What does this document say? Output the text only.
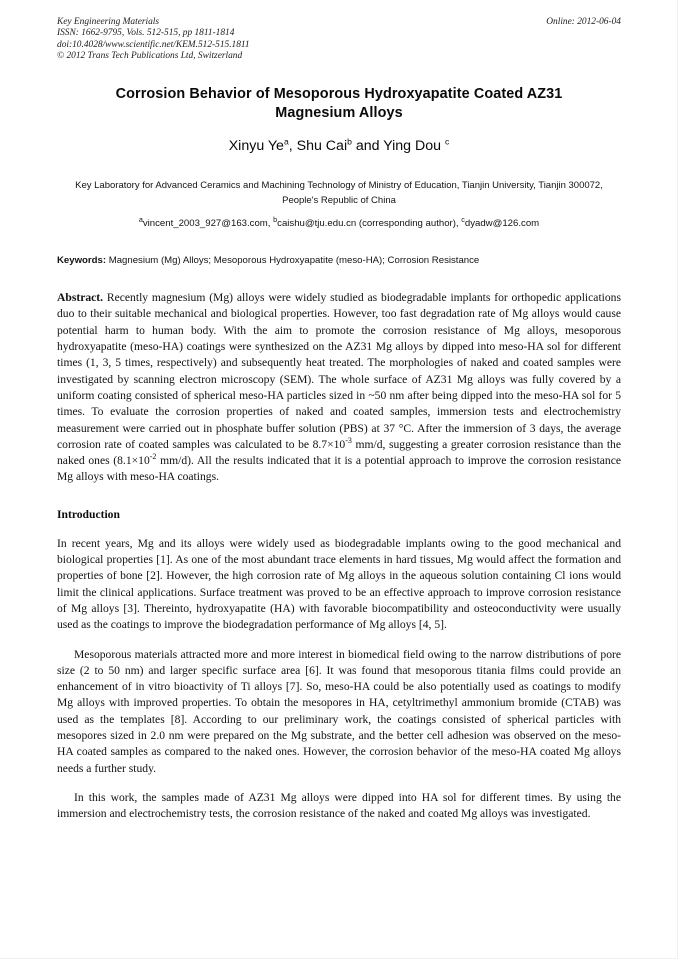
Online: 2012-06-04
Key Engineering Materials
ISSN: 1662-9795, Vols. 512-515, pp 1811-1814
doi:10.4028/www.scientific.net/KEM.512-515.1811
© 2012 Trans Tech Publications Ltd, Switzerland
Corrosion Behavior of Mesoporous Hydroxyapatite Coated AZ31 Magnesium Alloys
Xinyu Ye$^a$, Shu Cai$^b$ and Ying Dou $^c$
Key Laboratory for Advanced Ceramics and Machining Technology of Ministry of Education, Tianjin University, Tianjin 300072, People's Republic of China
$^a$vincent_2003_927@163.com, $^b$caishu@tju.edu.cn (corresponding author), $^c$dyadw@126.com
Keywords: Magnesium (Mg) Alloys; Mesoporous Hydroxyapatite (meso-HA); Corrosion Resistance
Abstract. Recently magnesium (Mg) alloys were widely studied as biodegradable implants for orthopedic applications duo to their suitable mechanical and biological properties. However, too fast degradation rate of Mg alloys would cause potential harm to human body. With the aim to promote the corrosion resistance of Mg alloys, mesoporous hydroxyapatite (meso-HA) coatings were synthesized on the AZ31 Mg alloys by dipped into meso-HA sol for different times (1, 3, 5 times, respectively) and subsequently heat treated. The morphologies of naked and coated samples were investigated by scanning electron microscopy (SEM). The whole surface of AZ31 Mg alloys was fully covered by a uniform coating consisted of spherical meso-HA particles sized in ~50 nm after being dipped into the meso-HA sol for 5 times. To evaluate the corrosion properties of naked and coated samples, immersion tests and electrochemistry measurement were carried out in phosphate buffer solution (PBS) at 37 °C. After the immersion of 3 days, the average corrosion rate of coated samples was calculated to be $8.7\times 10^{-3}$ mm/d, suggesting a greater corrosion resistance than the naked ones ($8.1\times 10^{-2}$ mm/d). All the results indicated that it is a potential approach to improve the corrosion resistance Mg alloys with meso-HA coatings.
Introduction

In recent years, Mg and its alloys were widely used as biodegradable implants owing to the good mechanical and biological properties [1]. As one of the most abundant trace elements in hard tissues, Mg would affect the formation and properties of bone [2]. However, the high corrosion rate of Mg alloys in the aqueous solution containing Cl ions would limit the clinical applications. Surface treatment was proved to be an effective approach to improve corrosion resistance of Mg alloys [3]. Thereinto, hydroxyapatite (HA) with favorable biocompatibility and osteoconductivity were usually used as the coatings to improve the biodegradation performance of Mg alloys [4, 5].

Mesoporous materials attracted more and more interest in biomedical field owing to the narrow distributions of pore size (2 to 50 nm) and larger specific surface area [6]. It was found that mesoporous titania films could provide an enhancement of in vitro bioactivity of Ti alloys [7]. So, meso-HA could be also potentially used as coatings to modify Mg alloys with improved properties. To obtain the mesopores in HA, cetyltrimethyl ammonium bromide (CTAB) was used as the templates [8]. According to our preliminary work, the coatings consisted of spherical particles with mesopores sized in 2.0 nm were prepared on the Mg substrate, and the better cell adhesion was observed on the meso-HA coated samples as compared to the naked ones. However, the corrosion behavior of the meso-HA coated Mg alloys needs a further study.

In this work, the samples made of AZ31 Mg alloys were dipped into HA sol for different times. By using the immersion and electrochemistry tests, the corrosion resistance of the naked and coated Mg alloys was investigated.
